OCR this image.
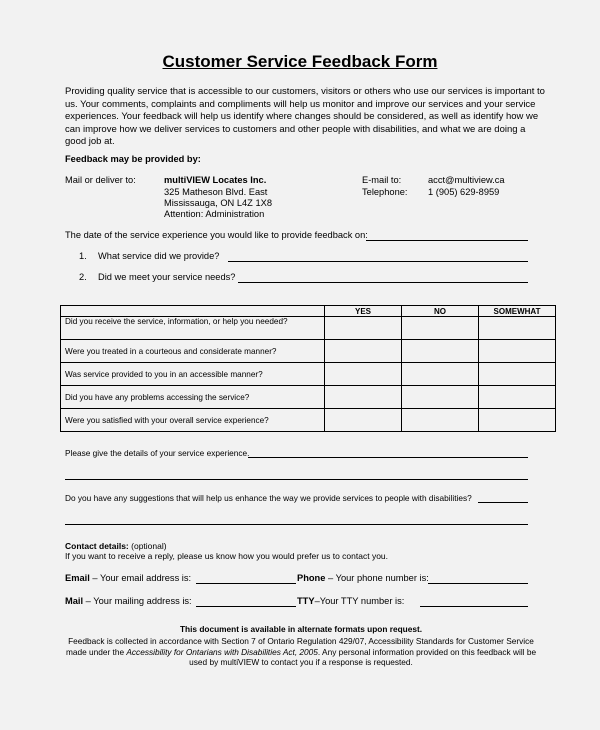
Customer Service Feedback Form
Providing quality service that is accessible to our customers, visitors or others who use our services is important to us. Your comments, complaints and compliments will help us monitor and improve our services and your service experiences. Your feedback will help us identify where changes should be considered, as well as identify how we can improve how we deliver services to customers and other people with disabilities, and what we are doing a good job at.
Feedback may be provided by:
Mail or deliver to:	multiVIEW Locates Inc.
325 Matheson Blvd. East
Mississauga, ON L4Z 1X8
Attention: Administration
E-mail to:	acct@multiview.ca
Telephone: 1 (905) 629-8959
The date of the service experience you would like to provide feedback on:
1. What service did we provide?
2. Did we meet your service needs?
	YES	NO	SOMEWHAT
Did you receive the service, information, or help you needed?			
Were you treated in a courteous and considerate manner?			
Was service provided to you in an accessible manner?			
Did you have any problems accessing the service?			
Were you satisfied with your overall service experience?			
Please give the details of your service experience.
Do you have any suggestions that will help us enhance the way we provide services to people with disabilities?
Contact details: (optional)
If you want to receive a reply, please us know how you would prefer us to contact you.
Email – Your email address is:	Phone – Your phone number is:
Mail – Your mailing address is:	TTY–Your TTY number is:
This document is available in alternate formats upon request.
Feedback is collected in accordance with Section 7 of Ontario Regulation 429/07, Accessibility Standards for Customer Service made under the Accessibility for Ontarians with Disabilities Act, 2005. Any personal information provided on this feedback will be used by multiVIEW to contact you if a response is requested.
